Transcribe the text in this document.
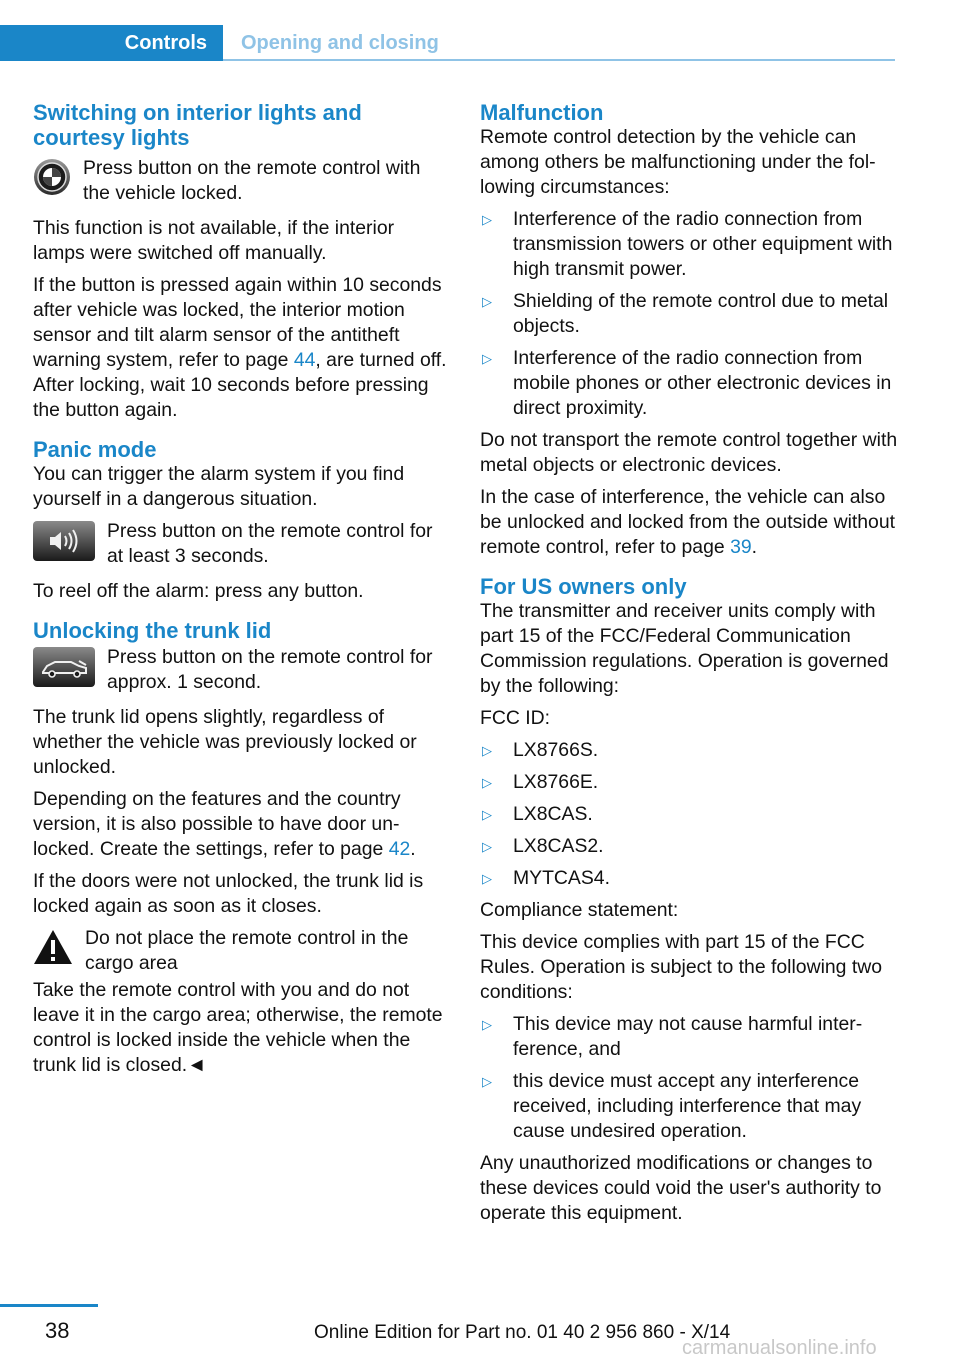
Controls	Opening and closing
Switching on interior lights and courtesy lights
Press button on the remote control with the vehicle locked.

This function is not available, if the interior lamps were switched off manually.

If the button is pressed again within 10 seconds after vehicle was locked, the interior motion sensor and tilt alarm sensor of the antitheft warning system, refer to page 44, are turned off. After locking, wait 10 seconds before pressing the button again.

Panic mode

You can trigger the alarm system if you find yourself in a dangerous situation.

Press button on the remote control for at least 3 seconds.

To reel off the alarm: press any button.

Unlocking the trunk lid
Press button on the remote control for approx. 1 second.

The trunk lid opens slightly, regardless of whether the vehicle was previously locked or unlocked.

Depending on the features and the country version, it is also possible to have door unlocked. Create the settings, refer to page 42.

If the doors were not unlocked, the trunk lid is locked again as soon as it closes.

Do not place the remote control in the cargo area

Take the remote control with you and do not leave it in the cargo area; otherwise, the remote control is locked inside the vehicle when the trunk lid is closed.◄

Malfunction

Remote control detection by the vehicle can among others be malfunctioning under the following circumstances:

▷ Interference of the radio connection from transmission towers or other equipment with high transmit power.
▷ Shielding of the remote control due to metal objects.
▷ Interference of the radio connection from mobile phones or other electronic devices in direct proximity.

Do not transport the remote control together with metal objects or electronic devices.

In the case of interference, the vehicle can also be unlocked and locked from the outside without remote control, refer to page 39.

For US owners only

The transmitter and receiver units comply with part 15 of the FCC/Federal Communication Commission regulations. Operation is governed by the following:

FCC ID:

▷ LX8766S.
▷ LX8766E.
▷ LX8CAS.
▷ LX8CAS2.
▷ MYTCAS4.

Compliance statement:

This device complies with part 15 of the FCC Rules. Operation is subject to the following two conditions:

▷ This device may not cause harmful interference, and
▷ this device must accept any interference received, including interference that may cause undesired operation.

Any unauthorized modifications or changes to these devices could void the user's authority to operate this equipment.

38	Online Edition for Part no. 01 40 2 956 860 - X/14
carmanualsonline.info
